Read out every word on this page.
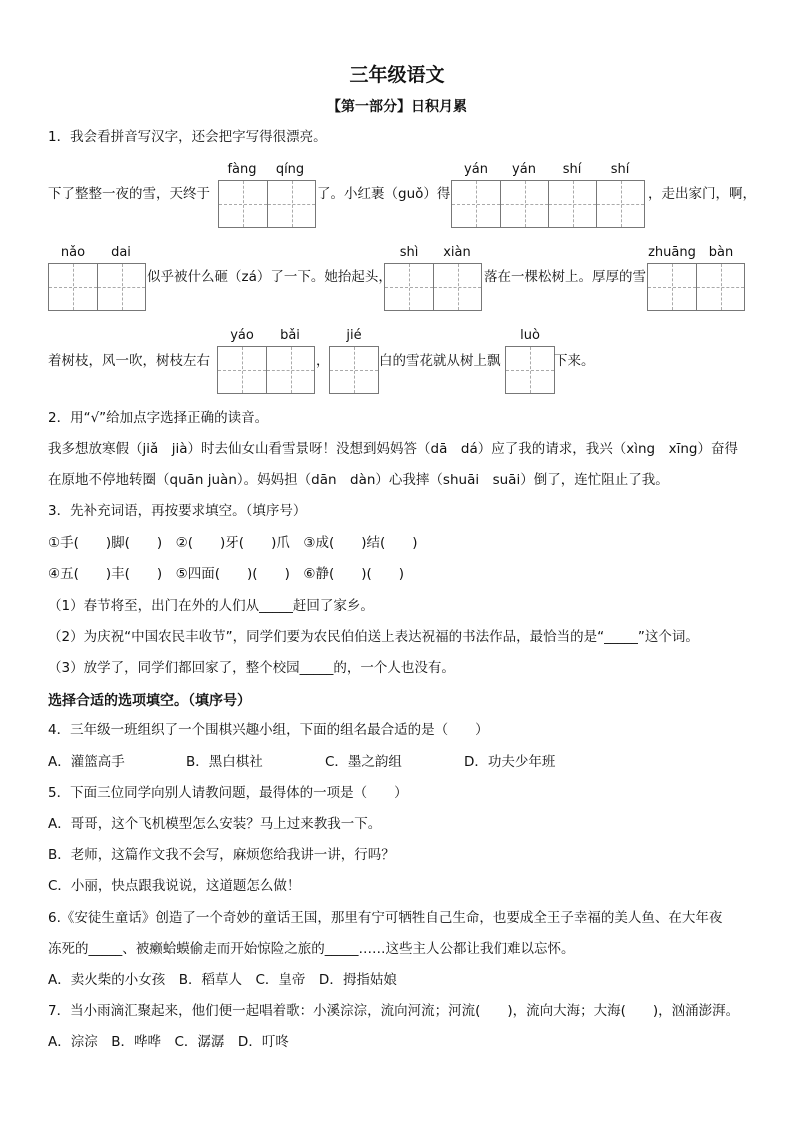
三年级语文
【第一部分】日积月累
1．我会看拼音写汉字，还会把字写得很漂亮。
fàng	qíng	yán	yán	shí	shí
下了整整一夜的雪，天终于	了。小红裹（guǒ）得	，走出家门，啊，
nǎo	dai	shì	xiàn	zhuāng bàn
似乎被什么砸（zá）了一下。她抬起头，	落在一棵松树上。厚厚的雪
yáo	bǎi	jié	luò
着树枝，风一吹，树枝左右	，	白的雪花就从树上飘	下来。
2．用“√”给加点字选择正确的读音。
我多想放寒假（jiǎ　jià）时去仙女山看雪景呀！没想到妈妈答（dā　dá）应了我的请求，我兴（xìng　xīng）奋得
在原地不停地转圈（quān juàn）。妈妈担（dān　dàn）心我摔（shuāi　suāi）倒了，连忙阻止了我。
3．先补充词语，再按要求填空。（填序号）
①手(　　)脚(　　)　②(　　)牙(　　)爪　③成(　　)结(　　)
④五(　　)丰(　　)　⑤四面(　　)(　　)　⑥静(　　)(　　)
（1）春节将至，出门在外的人们从_____赶回了家乡。
（2）为庆祝“中国农民丰收节”，同学们要为农民伯伯送上表达祝福的书法作品，最恰当的是“_____”这个词。
（3）放学了，同学们都回家了，整个校园_____的，一个人也没有。
选择合适的选项填空。（填序号）
4．三年级一班组织了一个围棋兴趣小组，下面的组名最合适的是（　　）
A．灌篮高手	B．黑白棋社	C．墨之韵组	D．功夫少年班
5．下面三位同学向别人请教问题，最得体的一项是（　　）
A．哥哥，这个飞机模型怎么安装？马上过来教我一下。
B．老师，这篇作文我不会写，麻烦您给我讲一讲，行吗？
C．小丽，快点跟我说说，这道题怎么做！
6.《安徒生童话》创造了一个奇妙的童话王国，那里有宁可牺牲自己生命，也要成全王子幸福的美人鱼、在大年夜
冻死的_____、被癞蛤蟆偷走而开始惊险之旅的_____……这些主人公都让我们难以忘怀。
A．卖火柴的小女孩　B．稻草人　C．皇帝　D．拇指姑娘
7．当小雨滴汇聚起来，他们便一起唱着歌：小溪淙淙，流向河流；河流(　　)，流向大海；大海(　　)，汹涌澎湃。
A．淙淙　B．哗哗　C．潺潺　D．叮咚
